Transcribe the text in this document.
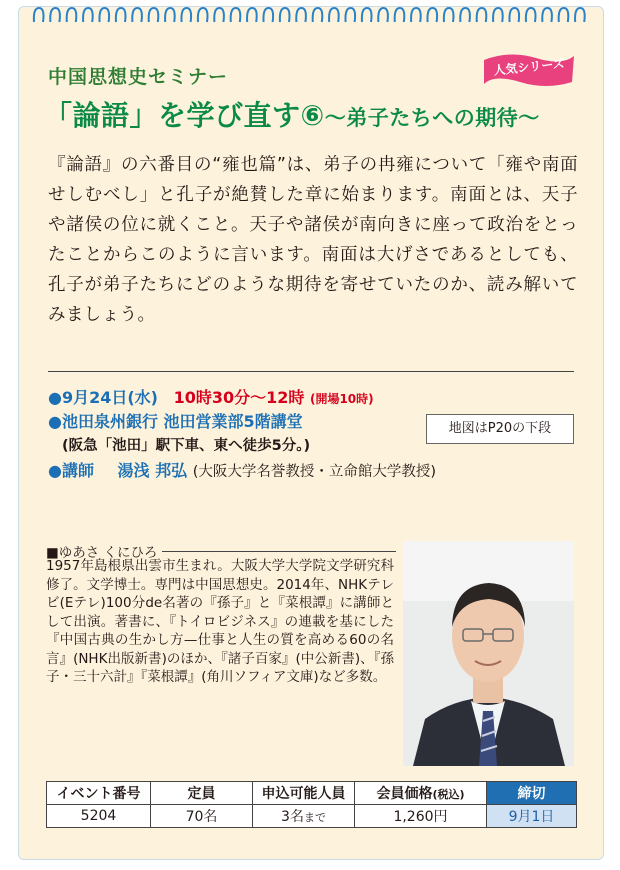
人気シリーズ
中国思想史セミナー
「論語」を学び直す⑥〜弟子たちへの期待〜

『論語』の六番目の“雍也篇”は、弟子の冉雍について「雍や南面せしむべし」と孔子が絶賛した章に始まります。南面とは、天子や諸侯の位に就くこと。天子や諸侯が南向きに座って政治をとったことからこのように言います。南面は大げさであるとしても、孔子が弟子たちにどのような期待を寄せていたのか、読み解いてみましょう。

●9月24日(水) 10時30分〜12時 (開場10時)
●池田泉州銀行 池田営業部5階講堂
(阪急「池田」駅下車、東へ徒歩5分。)
地図はP20の下段
●講師 湯浅 邦弘 (大阪大学名誉教授・立命館大学教授)
■ゆあさ くにひろ

1957年島根県出雲市生まれ。大阪大学大学院文学研究科修了。文学博士。専門は中国思想史。2014年、NHKテレビ(Eテレ)100分de名著の『孫子』と『菜根譚』に講師として出演。著書に、『トイロビジネス』の連載を基にした『中国古典の生かし方—仕事と人生の質を高める60の名言』(NHK出版新書)のほか、『諸子百家』(中公新書)、『孫子・三十六計』『菜根譚』(角川ソフィア文庫)など多数。

イベント番号	定員	申込可能人員	会員価格(税込)	締切
5204	70名	3名まで	1,260円	9月1日
